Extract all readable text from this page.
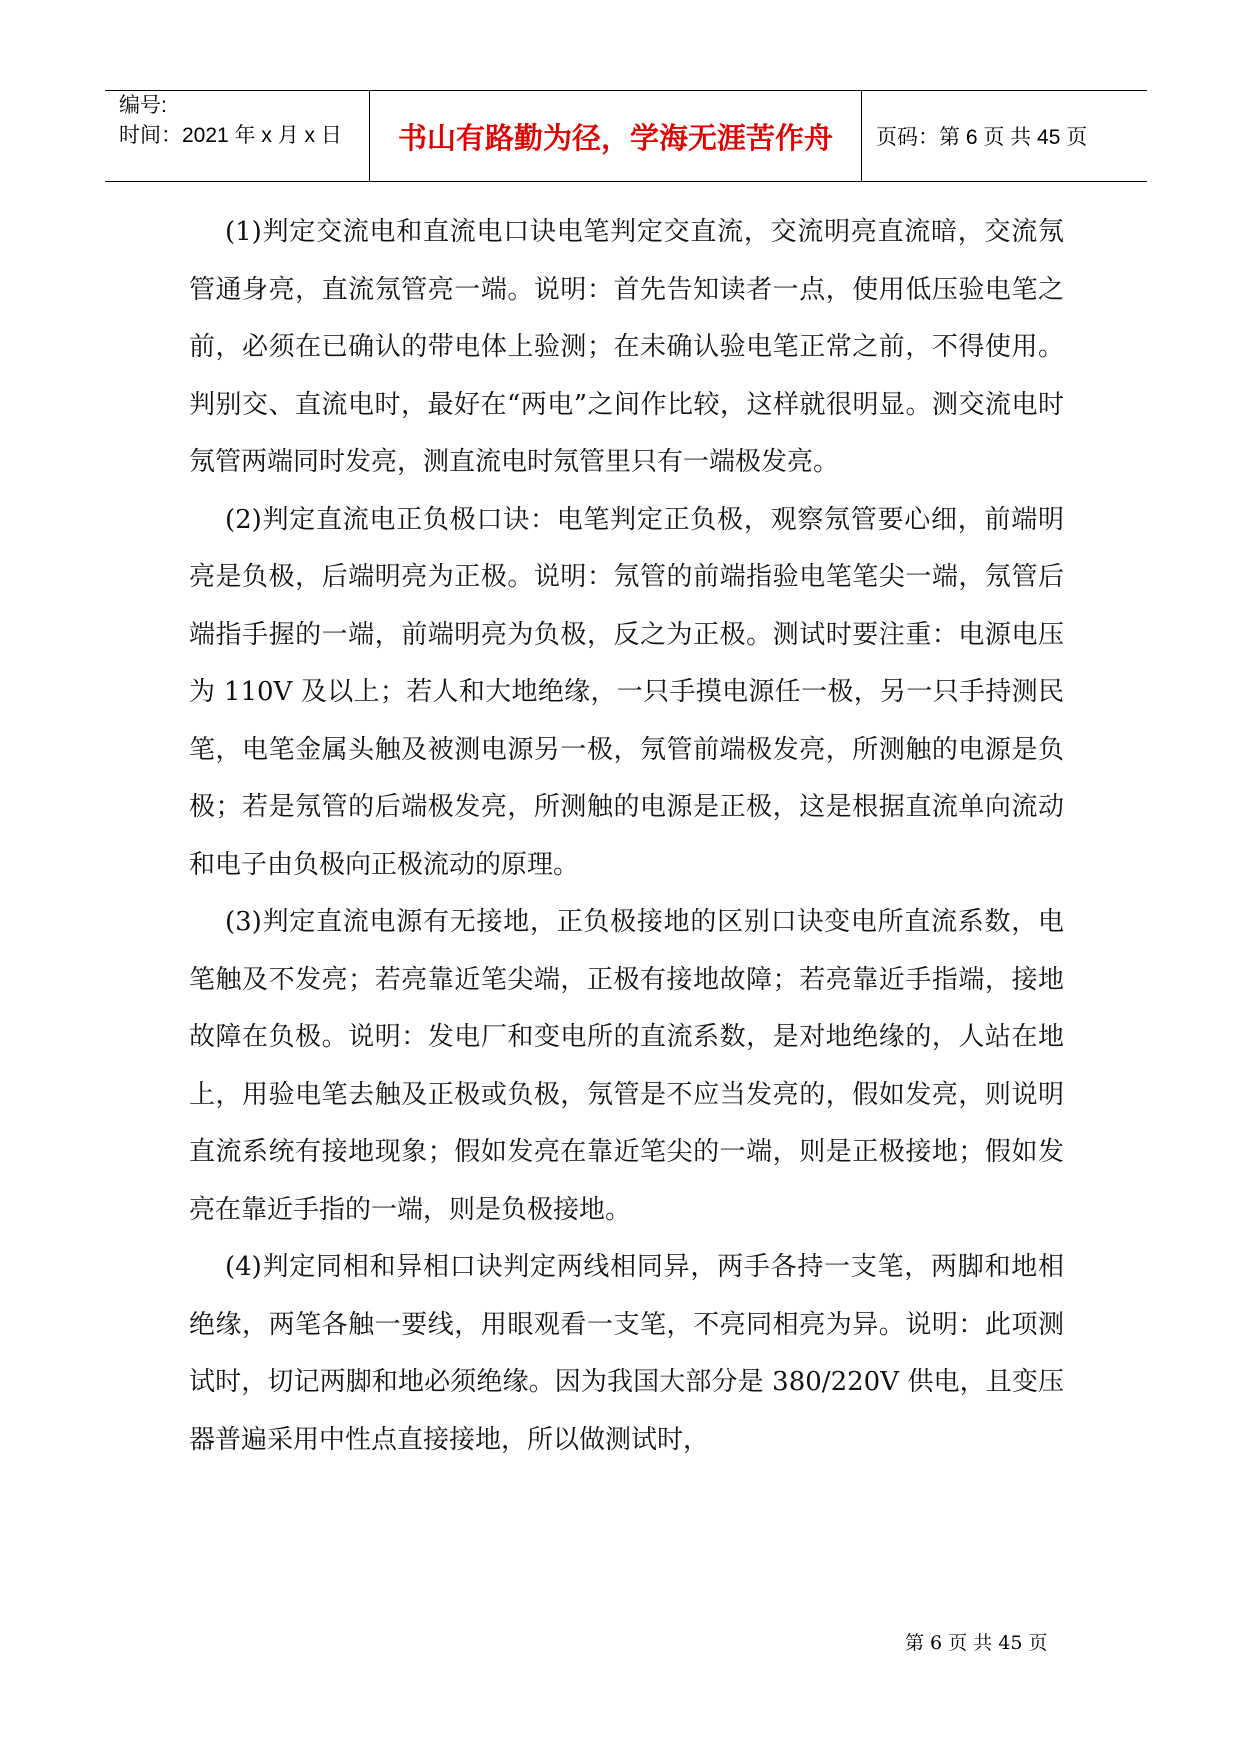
编号:
时间：2021 年 x 月 x 日	书山有路勤为径，学海无涯苦作舟	页码：第 6 页 共 45 页

(1)判定交流电和直流电口诀电笔判定交直流，交流明亮直流暗，交流氖管通身亮，直流氖管亮一端。说明：首先告知读者一点，使用低压验电笔之前，必须在已确认的带电体上验测；在未确认验电笔正常之前，不得使用。判别交、直流电时，最好在“两电”之间作比较，这样就很明显。测交流电时氖管两端同时发亮，测直流电时氖管里只有一端极发亮。

(2)判定直流电正负极口诀：电笔判定正负极，观察氖管要心细，前端明亮是负极，后端明亮为正极。说明：氖管的前端指验电笔笔尖一端，氖管后端指手握的一端，前端明亮为负极，反之为正极。测试时要注重：电源电压为 110V 及以上；若人和大地绝缘，一只手摸电源任一极，另一只手持测民笔，电笔金属头触及被测电源另一极，氖管前端极发亮，所测触的电源是负极；若是氖管的后端极发亮，所测触的电源是正极，这是根据直流单向流动和电子由负极向正极流动的原理。

(3)判定直流电源有无接地，正负极接地的区别口诀变电所直流系数，电笔触及不发亮；若亮靠近笔尖端，正极有接地故障；若亮靠近手指端，接地故障在负极。说明：发电厂和变电所的直流系数，是对地绝缘的，人站在地上，用验电笔去触及正极或负极，氖管是不应当发亮的，假如发亮，则说明直流系统有接地现象；假如发亮在靠近笔尖的一端，则是正极接地；假如发亮在靠近手指的一端，则是负极接地。

(4)判定同相和异相口诀判定两线相同异，两手各持一支笔，两脚和地相绝缘，两笔各触一要线，用眼观看一支笔，不亮同相亮为异。说明：此项测试时，切记两脚和地必须绝缘。因为我国大部分是 380/220V 供电，且变压器普遍采用中性点直接接地，所以做测试时，

第 6 页 共 45 页
